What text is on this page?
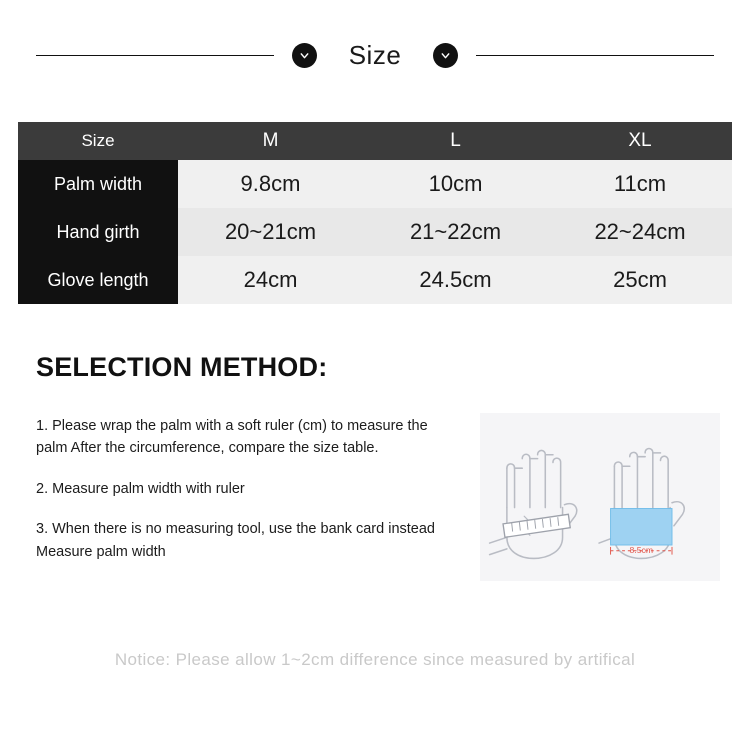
Size
Size	M	L	XL
Palm width	9.8cm	10cm	11cm
Hand girth	20~21cm	21~22cm	22~24cm
Glove length	24cm	24.5cm	25cm
SELECTION METHOD:
1. Please wrap the palm with a soft ruler (cm) to measure the palm After the circumference, compare the size table.
2. Measure palm width with ruler
3. When there is no measuring tool, use the bank card instead Measure palm width	8.5cm
Notice: Please allow 1~2cm difference since measured by artifical
